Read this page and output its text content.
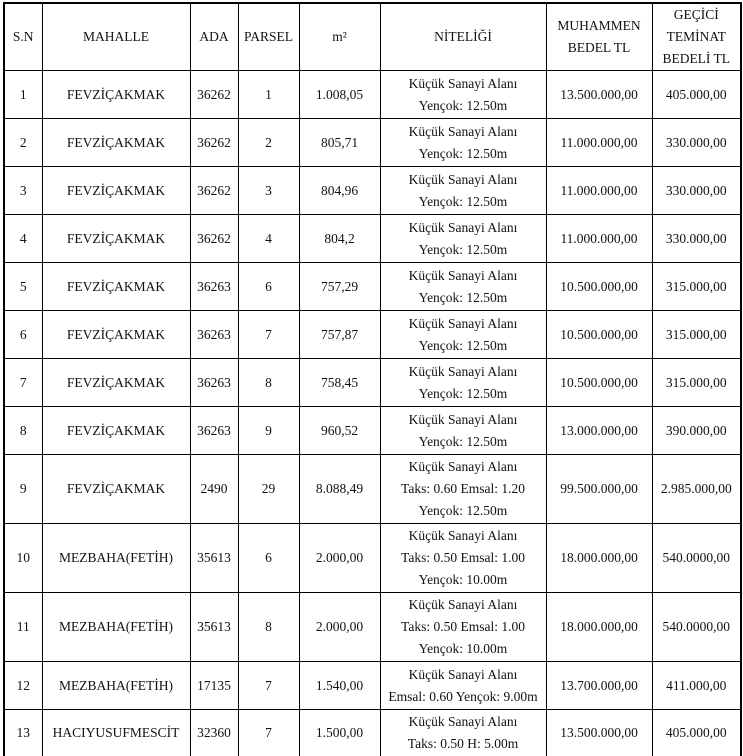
S.N	MAHALLE	ADA	PARSEL	m²	NİTELİĞİ	MUHAMMEN BEDEL TL	GEÇİCİ TEMİNAT BEDELİ TL
1	FEVZİÇAKMAK	36262	1	1.008,05	Küçük Sanayi Alanı
Yençok: 12.50m	13.500.000,00	405.000,00
2	FEVZİÇAKMAK	36262	2	805,71	Küçük Sanayi Alanı
Yençok: 12.50m	11.000.000,00	330.000,00
3	FEVZİÇAKMAK	36262	3	804,96	Küçük Sanayi Alanı
Yençok: 12.50m	11.000.000,00	330.000,00
4	FEVZİÇAKMAK	36262	4	804,2	Küçük Sanayi Alanı
Yençok: 12.50m	11.000.000,00	330.000,00
5	FEVZİÇAKMAK	36263	6	757,29	Küçük Sanayi Alanı
Yençok: 12.50m	10.500.000,00	315.000,00
6	FEVZİÇAKMAK	36263	7	757,87	Küçük Sanayi Alanı
Yençok: 12.50m	10.500.000,00	315.000,00
7	FEVZİÇAKMAK	36263	8	758,45	Küçük Sanayi Alanı
Yençok: 12.50m	10.500.000,00	315.000,00
8	FEVZİÇAKMAK	36263	9	960,52	Küçük Sanayi Alanı
Yençok: 12.50m	13.000.000,00	390.000,00
9	FEVZİÇAKMAK	2490	29	8.088,49	Küçük Sanayi Alanı
Taks: 0.60 Emsal: 1.20
Yençok: 12.50m	99.500.000,00	2.985.000,00
10	MEZBAHA(FETİH)	35613	6	2.000,00	Küçük Sanayi Alanı
Taks: 0.50 Emsal: 1.00
Yençok: 10.00m	18.000.000,00	540.0000,00
11	MEZBAHA(FETİH)	35613	8	2.000,00	Küçük Sanayi Alanı
Taks: 0.50 Emsal: 1.00
Yençok: 10.00m	18.000.000,00	540.0000,00
12	MEZBAHA(FETİH)	17135	7	1.540,00	Küçük Sanayi Alanı
Emsal: 0.60 Yençok: 9.00m	13.700.000,00	411.000,00
13	HACIYUSUFMESCİT	32360	7	1.500,00	Küçük Sanayi Alanı
Taks: 0.50 H: 5.00m	13.500.000,00	405.000,00
